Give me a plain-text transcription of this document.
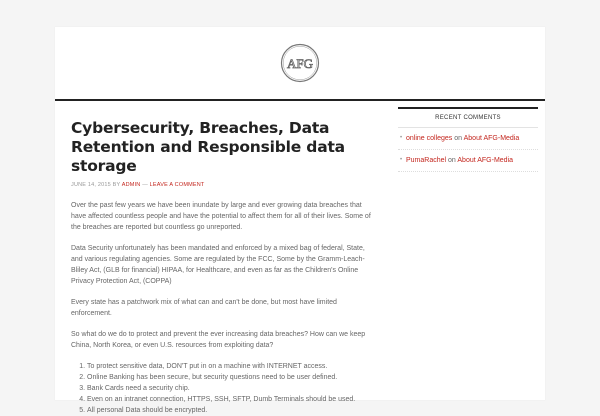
AFG
Cybersecurity, Breaches, Data Retention and Responsible data storage
JUNE 14, 2015 BY ADMIN — LEAVE A COMMENT

Over the past few years we have been inundate by large and ever growing data breaches that have affected countless people and have the potential to affect them for all of their lives. Some of the breaches are reported but countless go unreported.

Data Security unfortunately has been mandated and enforced by a mixed bag of federal, State, and various regulating agencies. Some are regulated by the FCC, Some by the Gramm-Leach-Bliley Act, (GLB for financial) HIPAA, for Healthcare, and even as far as the Children's Online Privacy Protection Act, (COPPA)

Every state has a patchwork mix of what can and can't be done, but most have limited enforcement.

So what do we do to protect and prevent the ever increasing data breaches? How can we keep China, North Korea, or even U.S. resources from exploiting data?

1. To protect sensitive data, DON'T put in on a machine with INTERNET access.
2. Online Banking has been secure, but security questions need to be user defined.
3. Bank Cards need a security chip.
4. Even on an intranet connection, HTTPS, SSH, SFTP, Dumb Terminals should be used.
5. All personal Data should be encrypted.
RECENT COMMENTS
• online colleges on About AFG-Media
• PumaRachel on About AFG-Media
